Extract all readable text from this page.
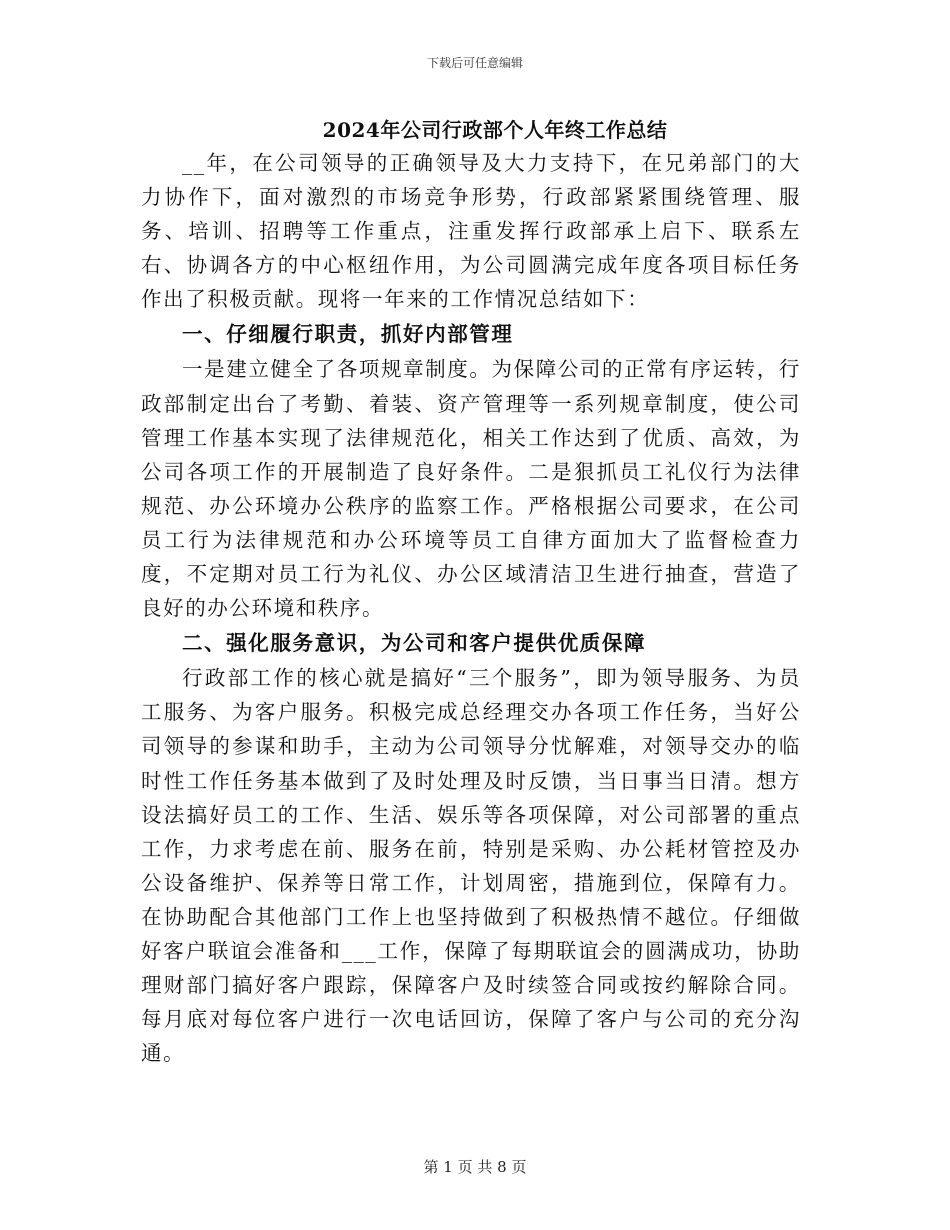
下载后可任意编辑
2024年公司行政部个人年终工作总结

__年，在公司领导的正确领导及大力支持下，在兄弟部门的大力协作下，面对激烈的市场竞争形势，行政部紧紧围绕管理、服务、培训、招聘等工作重点，注重发挥行政部承上启下、联系左右、协调各方的中心枢纽作用，为公司圆满完成年度各项目标任务作出了积极贡献。现将一年来的工作情况总结如下：

一、仔细履行职责，抓好内部管理

一是建立健全了各项规章制度。为保障公司的正常有序运转，行政部制定出台了考勤、着装、资产管理等一系列规章制度，使公司管理工作基本实现了法律规范化，相关工作达到了优质、高效，为公司各项工作的开展制造了良好条件。二是狠抓员工礼仪行为法律规范、办公环境办公秩序的监察工作。严格根据公司要求，在公司员工行为法律规范和办公环境等员工自律方面加大了监督检查力度，不定期对员工行为礼仪、办公区域清洁卫生进行抽查，营造了良好的办公环境和秩序。

二、强化服务意识，为公司和客户提供优质保障

行政部工作的核心就是搞好“三个服务”，即为领导服务、为员工服务、为客户服务。积极完成总经理交办各项工作任务，当好公司领导的参谋和助手，主动为公司领导分忧解难，对领导交办的临时性工作任务基本做到了及时处理及时反馈，当日事当日清。想方设法搞好员工的工作、生活、娱乐等各项保障，对公司部署的重点工作，力求考虑在前、服务在前，特别是采购、办公耗材管控及办公设备维护、保养等日常工作，计划周密，措施到位，保障有力。在协助配合其他部门工作上也坚持做到了积极热情不越位。仔细做好客户联谊会准备和___工作，保障了每期联谊会的圆满成功，协助理财部门搞好客户跟踪，保障客户及时续签合同或按约解除合同。每月底对每位客户进行一次电话回访，保障了客户与公司的充分沟通。

第 1 页 共 8 页
